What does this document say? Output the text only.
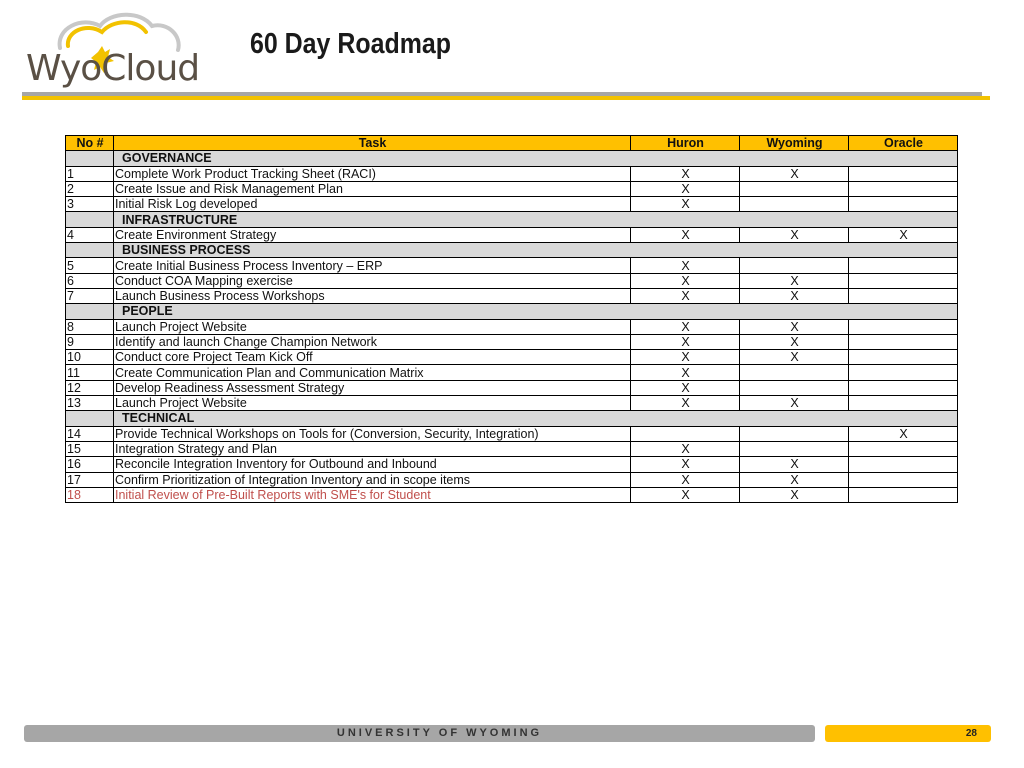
WyoCloud
60 Day Roadmap
No #	Task	Huron	Wyoming	Oracle
	GOVERNANCE			
1	Complete Work Product Tracking Sheet (RACI)	X	X	
2	Create Issue and Risk Management Plan	X		
3	Initial Risk Log developed	X		
	INFRASTRUCTURE			
4	Create Environment Strategy	X	X	X
	BUSINESS PROCESS			
5	Create Initial Business Process Inventory – ERP	X		
6	Conduct COA Mapping exercise	X	X	
7	Launch Business Process Workshops	X	X	
	PEOPLE			
8	Launch Project Website	X	X	
9	Identify and launch Change Champion Network	X	X	
10	Conduct core Project Team Kick Off	X	X	
11	Create Communication Plan and Communication Matrix	X		
12	Develop Readiness Assessment Strategy	X		
13	Launch Project Website	X	X	
	TECHNICAL			
14	Provide Technical Workshops on Tools for (Conversion, Security, Integration)			X
15	Integration Strategy and Plan	X		
16	Reconcile Integration Inventory for Outbound and Inbound	X	X	
17	Confirm Prioritization of Integration Inventory and in scope items	X	X	
18	Initial Review of Pre-Built Reports with SME's for Student	X	X	
UNIVERSITY OF WYOMING	28
